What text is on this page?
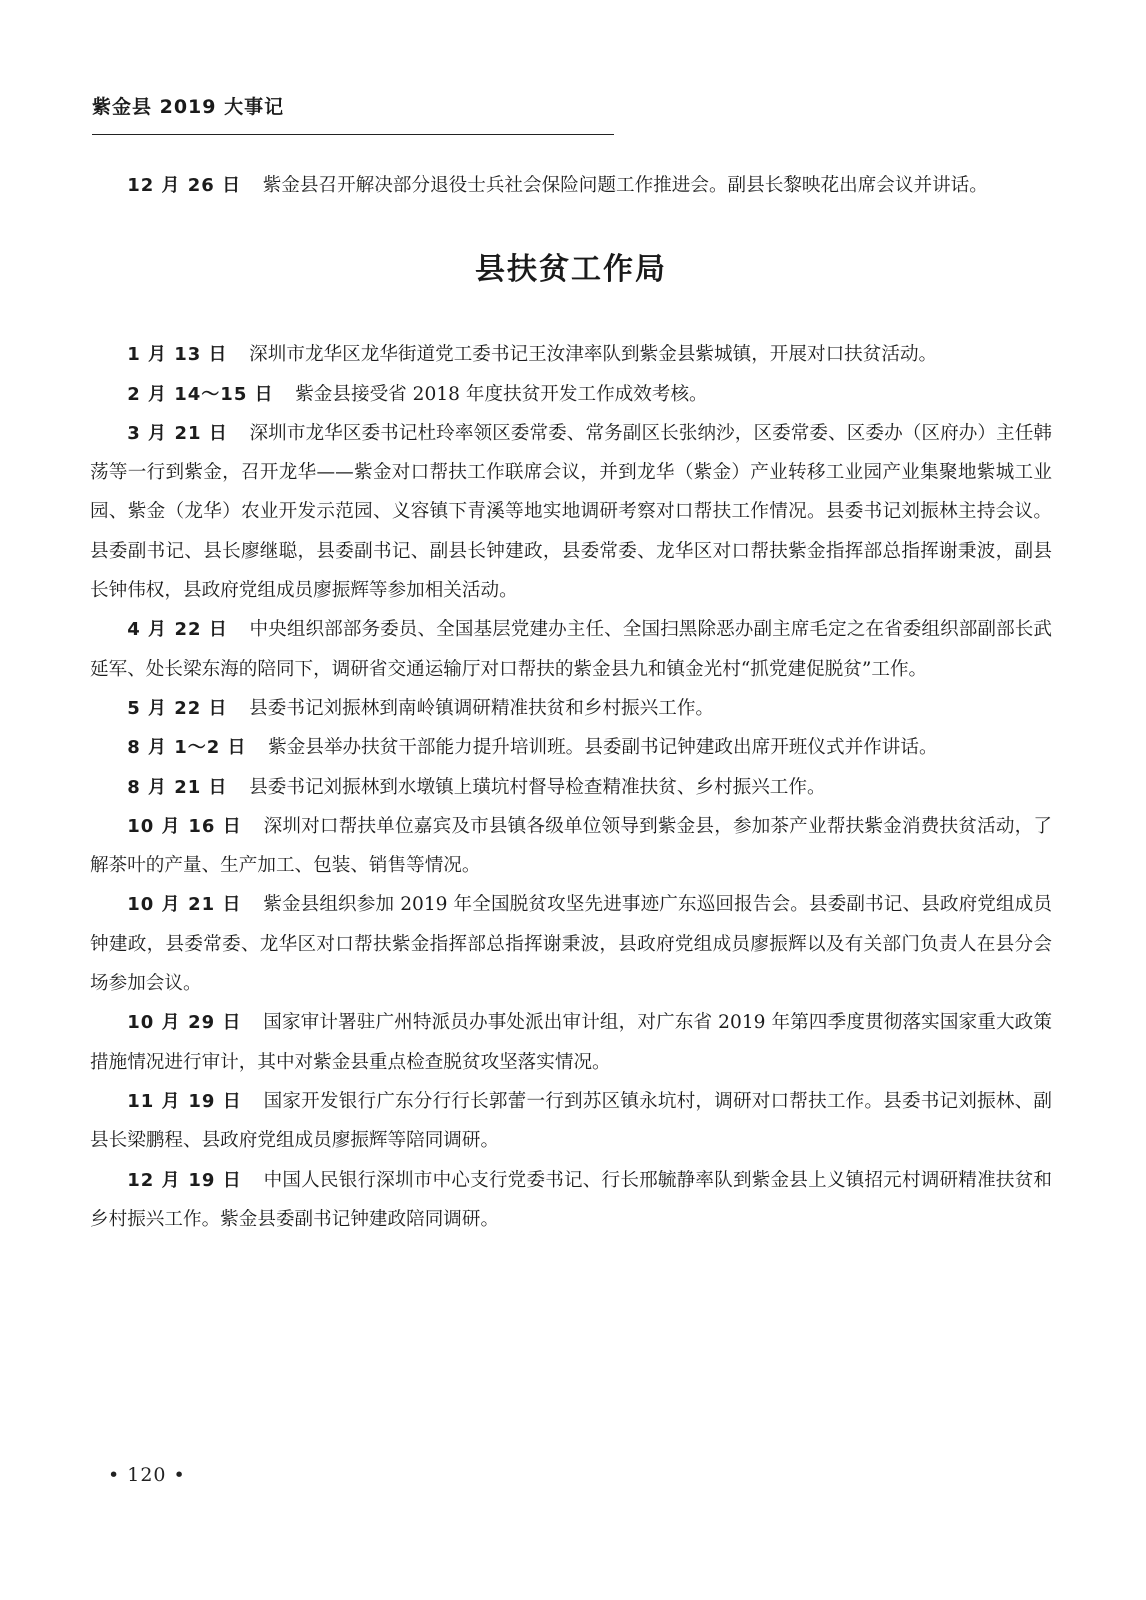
紫金县 2019 大事记

12 月 26 日 紫金县召开解决部分退役士兵社会保险问题工作推进会。副县长黎映花出席会议并讲话。

县扶贫工作局

1 月 13 日 深圳市龙华区龙华街道党工委书记王汝津率队到紫金县紫城镇，开展对口扶贫活动。

2 月 14～15 日 紫金县接受省 2018 年度扶贫开发工作成效考核。

3 月 21 日 深圳市龙华区委书记杜玲率领区委常委、常务副区长张纳沙，区委常委、区委办（区府办）主任韩荡等一行到紫金，召开龙华——紫金对口帮扶工作联席会议，并到龙华（紫金）产业转移工业园产业集聚地紫城工业园、紫金（龙华）农业开发示范园、义容镇下青溪等地实地调研考察对口帮扶工作情况。县委书记刘振林主持会议。县委副书记、县长廖继聪，县委副书记、副县长钟建政，县委常委、龙华区对口帮扶紫金指挥部总指挥谢秉波，副县长钟伟权，县政府党组成员廖振辉等参加相关活动。

4 月 22 日 中央组织部部务委员、全国基层党建办主任、全国扫黑除恶办副主席毛定之在省委组织部副部长武延军、处长梁东海的陪同下，调研省交通运输厅对口帮扶的紫金县九和镇金光村“抓党建促脱贫”工作。

5 月 22 日 县委书记刘振林到南岭镇调研精准扶贫和乡村振兴工作。

8 月 1～2 日 紫金县举办扶贫干部能力提升培训班。县委副书记钟建政出席开班仪式并作讲话。

8 月 21 日 县委书记刘振林到水墩镇上璜坑村督导检查精准扶贫、乡村振兴工作。

10 月 16 日 深圳对口帮扶单位嘉宾及市县镇各级单位领导到紫金县，参加茶产业帮扶紫金消费扶贫活动，了解茶叶的产量、生产加工、包装、销售等情况。

10 月 21 日 紫金县组织参加 2019 年全国脱贫攻坚先进事迹广东巡回报告会。县委副书记、县政府党组成员钟建政，县委常委、龙华区对口帮扶紫金指挥部总指挥谢秉波，县政府党组成员廖振辉以及有关部门负责人在县分会场参加会议。

10 月 29 日 国家审计署驻广州特派员办事处派出审计组，对广东省 2019 年第四季度贯彻落实国家重大政策措施情况进行审计，其中对紫金县重点检查脱贫攻坚落实情况。

11 月 19 日 国家开发银行广东分行行长郭蕾一行到苏区镇永坑村，调研对口帮扶工作。县委书记刘振林、副县长梁鹏程、县政府党组成员廖振辉等陪同调研。

12 月 19 日 中国人民银行深圳市中心支行党委书记、行长邢毓静率队到紫金县上义镇招元村调研精准扶贫和乡村振兴工作。紫金县委副书记钟建政陪同调研。

• 120 •
